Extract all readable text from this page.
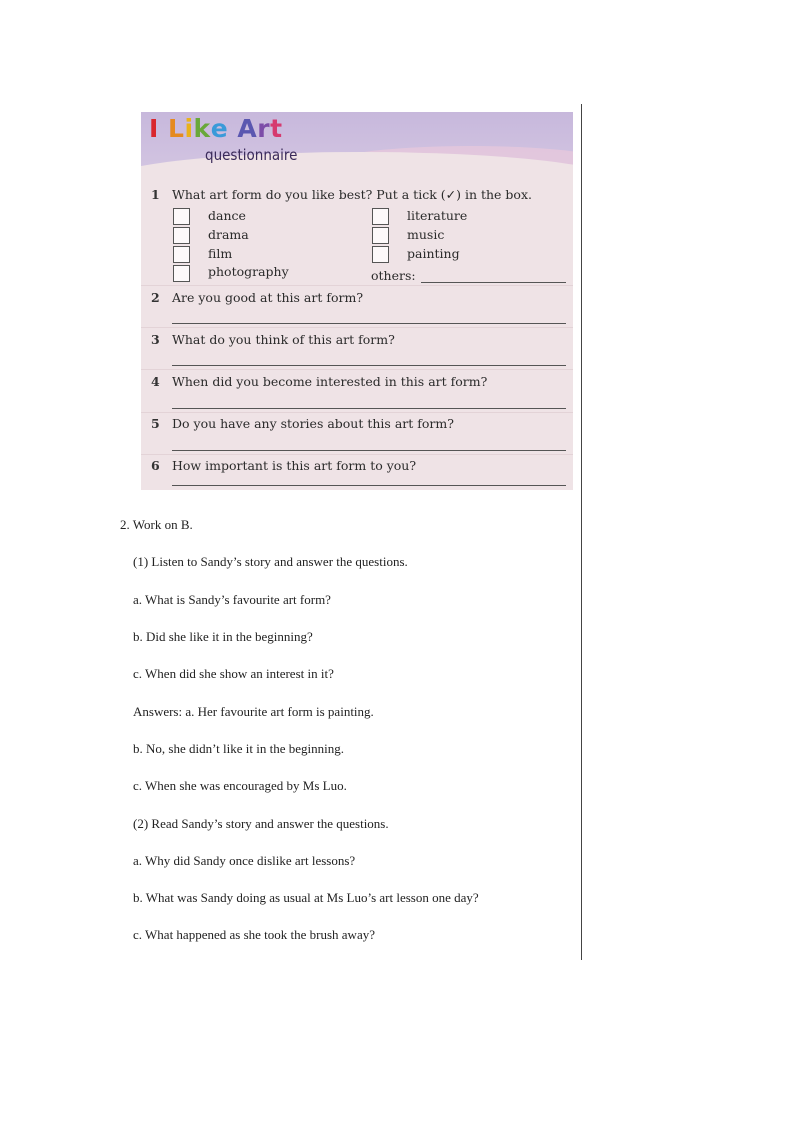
I Like Art
questionnaire
1 What art form do you like best? Put a tick (✓) in the box.
dance
drama
film
photography
literature
music
painting
others:
2 Are you good at this art form?
3 What do you think of this art form?
4 When did you become interested in this art form?
5 Do you have any stories about this art form?
6 How important is this art form to you?
2. Work on B.
(1) Listen to Sandy’s story and answer the questions.
a. What is Sandy’s favourite art form?
b. Did she like it in the beginning?
c. When did she show an interest in it?
Answers: a. Her favourite art form is painting.
b. No, she didn’t like it in the beginning.
c. When she was encouraged by Ms Luo.
(2) Read Sandy’s story and answer the questions.
a. Why did Sandy once dislike art lessons?
b. What was Sandy doing as usual at Ms Luo’s art lesson one day?
c. What happened as she took the brush away?
